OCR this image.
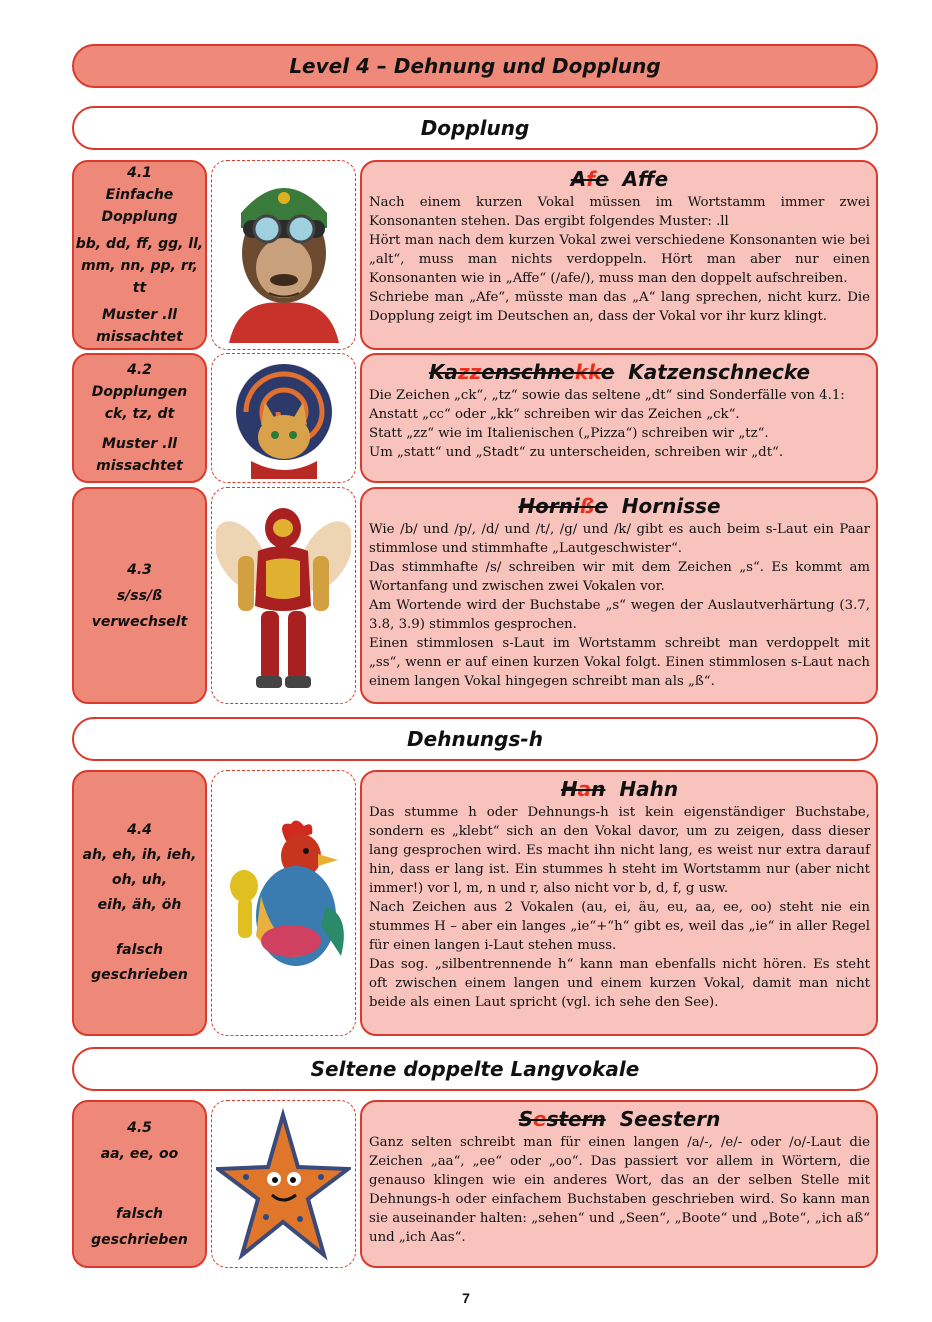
Level 4 – Dehnung und Dopplung
Dopplung
4.1
Einfache
Dopplung
bb, dd, ff, gg, ll,
mm, nn, pp, rr, tt
Muster .ll
missachtet
Afe Affe

Nach einem kurzen Vokal müssen im Wortstamm immer zwei Konsonanten stehen. Das ergibt folgendes Muster: .ll

Hört man nach dem kurzen Vokal zwei verschiedene Konsonanten wie bei „alt“, muss man nichts verdoppeln. Hört man aber nur einen Konsonanten wie in „Affe“ (/afe/), muss man den doppelt aufschreiben.

Schriebe man „Afe“, müsste man das „A“ lang sprechen, nicht kurz. Die Dopplung zeigt im Deutschen an, dass der Vokal vor ihr kurz klingt.

4.2
Dopplungen
ck, tz, dt
Muster .ll
missachtet
Kazzenschnekke Katzenschnecke

Die Zeichen „ck“, „tz“ sowie das seltene „dt“ sind Sonderfälle von 4.1: Anstatt „cc“ oder „kk“ schreiben wir das Zeichen „ck“.

Statt „zz“ wie im Italienischen („Pizza“) schreiben wir „tz“.

Um „statt“ und „Stadt“ zu unterscheiden, schreiben wir „dt“.

4.3
s/ss/ß
verwechselt
Horniße Hornisse

Wie /b/ und /p/, /d/ und /t/, /g/ und /k/ gibt es auch beim s-Laut ein Paar stimmlose und stimmhafte „Lautgeschwister“.

Das stimmhafte /s/ schreiben wir mit dem Zeichen „s“. Es kommt am Wortanfang und zwischen zwei Vokalen vor.

Am Wortende wird der Buchstabe „s“ wegen der Auslautverhärtung (3.7, 3.8, 3.9) stimmlos gesprochen.

Einen stimmlosen s-Laut im Wortstamm schreibt man verdoppelt mit „ss“, wenn er auf einen kurzen Vokal folgt. Einen stimmlosen s-Laut nach einem langen Vokal hingegen schreibt man als „ß“.

Dehnungs-h
4.4
ah, eh, ih, ieh,
oh, uh,
eih, äh, öh
falsch
geschrieben
Han Hahn

Das stumme h oder Dehnungs-h ist kein eigenständiger Buchstabe, sondern es „klebt“ sich an den Vokal davor, um zu zeigen, dass dieser lang gesprochen wird. Es macht ihn nicht lang, es weist nur extra darauf hin, dass er lang ist. Ein stummes h steht im Wortstamm nur (aber nicht immer!) vor l, m, n und r, also nicht vor b, d, f, g usw.

Nach Zeichen aus 2 Vokalen (au, ei, äu, eu, aa, ee, oo) steht nie ein stummes H – aber ein langes „ie“+“h“ gibt es, weil das „ie“ in aller Regel für einen langen i-Laut stehen muss.

Das sog. „silbentrennende h“ kann man ebenfalls nicht hören. Es steht oft zwischen einem langen und einem kurzen Vokal, damit man nicht beide als einen Laut spricht (vgl. ich sehe den See).

Seltene doppelte Langvokale
4.5
aa, ee, oo
falsch
geschrieben
Sestern Seestern

Ganz selten schreibt man für einen langen /a/-, /e/- oder /o/-Laut die Zeichen „aa“, „ee“ oder „oo“. Das passiert vor allem in Wörtern, die genauso klingen wie ein anderes Wort, das an der selben Stelle mit Dehnungs-h oder einfachem Buchstaben geschrieben wird. So kann man sie auseinander halten: „sehen“ und „Seen“, „Boote“ und „Bote“, „ich aß“ und „ich Aas“.

7
